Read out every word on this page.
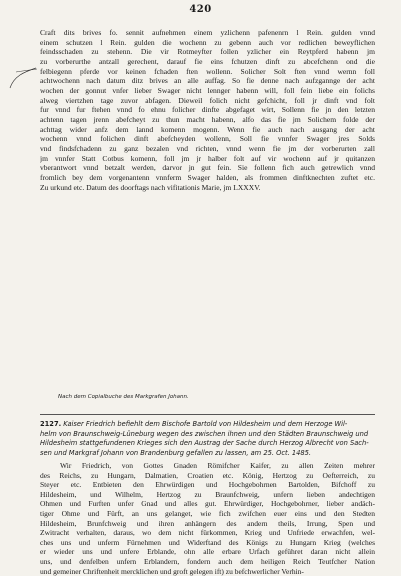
420
Craft dits brives fo. sennit aufnehmen einem yzlichenn pafenenrn l Rein. gulden vnnd
einem schutzen l Rein. gulden die wochenn zu gebenn auch vor redlichen beweyflichen
feindsschaden zu stehenn. Die vir Rotmeyfter follen yzlicher ein Reytpferd habenn jm
zu vorberurthe antzall gerechent, darauf fie eins fchutzen dinft zu abcefchenn ond die
felbiegenn pferde vor keinen fchaden ften wollenn. Solicher Solt ften vnnd wernn foll
achtwochenn nach datum ditz brives an alle auffag. So fie denne nach aufzgannge der acht
wochen der gonnut vnfer lieber Swager nicht lennger habenn will, foll fein liebe ein folichs
alweg viertzhen tage zuvor abfagen. Dieweil folich nicht gefchicht, foll jr dinft vnd folt
fur vnnd fur ftehen vnnd fo ehnu folicher dinfte abgefaget wirt, Sollenn fie jn den letzten
achtenn tagen jrenn abefcheyt zu thun macht habenn, alfo das fie jm Solichem folde der
achttag wider anfz dem lannd komenn mogenn. Wenn fie auch nach ausgang der acht
wochenn vnnd folichen dinft abefcheyden wollenn, Soll fie vnnfer Swager jres Solds
vnd findsfchadenn zu ganz bezalen vnd richten, vnnd wenn fie jm der vorberurten zall
jm vnnfer Statt Cotbus komenn, foll jm jr halber folt auf vir wochenn auf jr quitanzen
vberantwort vnnd betzalt werden, darvor jn gut fein. Sie follenn fich auch getrewlich vnnd
fromlich bey dem vorgenantenn vnnferm Swager halden, als frommen dinftknechten zuftet etc.
Zu urkund etc. Datum des doorftags nach vifitationis Marie, jm LXXXV.
Nach dem Copialbuche des Markgrafen Johann.
2127. Kaiser Friedrich befiehlt dem Bischofe Bartold von Hildesheim und dem Herzoge Wil-
helm von Braunschweig-Lüneburg wegen des zwischen ihnen und den Städten Braunschweig und
Hildesheim stattgefundenen Krieges sich den Austrag der Sache durch Herzog Albrecht von Sach-
sen und Markgraf Johann von Brandenburg gefallen zu lassen, am 25. Oct. 1485.
Wir Friedrich, von Gottes Gnaden Römifcher Kaifer, zu allen Zeiten mehrer
des Reichs, zu Hungarn, Dalmatien, Croatien etc. König, Hertzog zu Oefterreich, zu
Steyer etc. Entbieten den Ehrwürdigen und Hochgebohrnen Bartolden, Bifchoff zu
Hildesheim, und Wilhelm, Hertzog zu Braunfchweig, unfern lieben andechtigen
Ohmen und Furften unfer Gnad und alles gut. Ehrwürdiger, Hochgebohrner, lieber andäch-
tiger Ohme und Fürft, an uns gelanget, wie fich zwifchen euer eins und den Stedten
Hildesheim, Brunfchweig und ihren anhängern des andern theils, Irrung, Spen und
Zwitracht verhalten, daraus, wo dem nicht fürkommen, Krieg und Unfriede erwachfen, wel-
ches uns und unferm Fürnehmen und Widerftand des Königs zu Hungarn Krieg (welches
er wieder uns und unfere Erblande, ohn alle erbare Urfach geführet daran nicht allein
uns, und denfelben unfern Erblandern, fondern auch dem heiligen Reich Teutfcher Nation
und gemeiner Chriftenheit mercklichen und groft gelegen ift) zu befchwerlicher Verhin-
